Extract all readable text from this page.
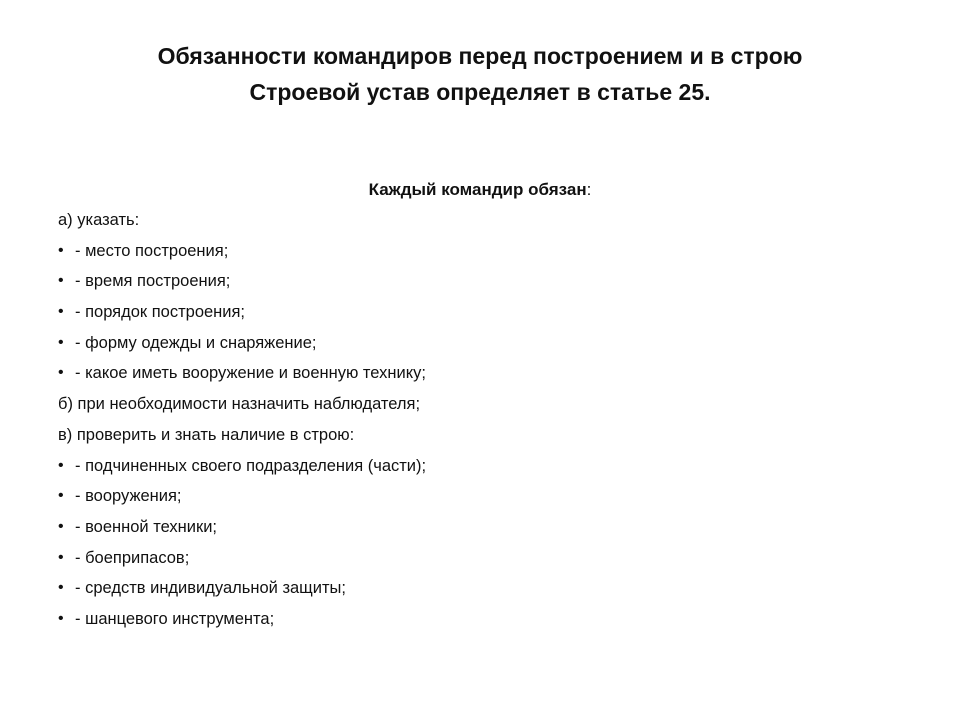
Обязанности командиров перед построением и в строю
Строевой устав определяет в статье 25.
Каждый командир обязан:
а) указать:
• - место построения;
• - время построения;
• - порядок построения;
• - форму одежды и снаряжение;
• - какое иметь вооружение и военную технику;
б) при необходимости назначить наблюдателя;
в) проверить и знать наличие в строю:
• - подчиненных своего подразделения (части);
• - вооружения;
• - военной техники;
• - боеприпасов;
• - средств индивидуальной защиты;
• - шанцевого инструмента;
